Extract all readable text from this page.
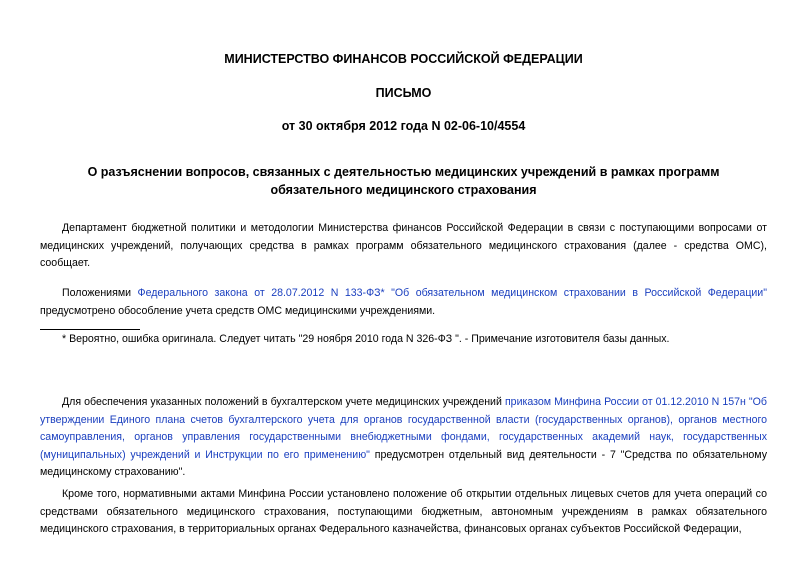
МИНИСТЕРСТВО ФИНАНСОВ РОССИЙСКОЙ ФЕДЕРАЦИИ
ПИСЬМО
от 30 октября 2012 года N 02-06-10/4554
О разъяснении вопросов, связанных с деятельностью медицинских учреждений в рамках программ
обязательного медицинского страхования

Департамент бюджетной политики и методологии Министерства финансов Российской Федерации в связи с поступающими вопросами от медицинских учреждений, получающих средства в рамках программ обязательного медицинского страхования (далее - средства ОМС), сообщает.

Положениями Федерального закона от 28.07.2012 N 133-ФЗ* "Об обязательном медицинском страховании в Российской Федерации" предусмотрено обособление учета средств ОМС медицинскими учреждениями.

* Вероятно, ошибка оригинала. Следует читать "29 ноября 2010 года N 326-ФЗ ". - Примечание изготовителя базы данных.

Для обеспечения указанных положений в бухгалтерском учете медицинских учреждений приказом Минфина России от 01.12.2010 N 157н "Об утверждении Единого плана счетов бухгалтерского учета для органов государственной власти (государственных органов), органов местного самоуправления, органов управления государственными внебюджетными фондами, государственных академий наук, государственных (муниципальных) учреждений и Инструкции по его применению" предусмотрен отдельный вид деятельности - 7 "Средства по обязательному медицинскому страхованию".

Кроме того, нормативными актами Минфина России установлено положение об открытии отдельных лицевых счетов для учета операций со средствами обязательного медицинского страхования, поступающими бюджетным, автономным учреждениям в рамках обязательного медицинского страхования, в территориальных органах Федерального казначейства, финансовых органах субъектов Российской Федерации,
